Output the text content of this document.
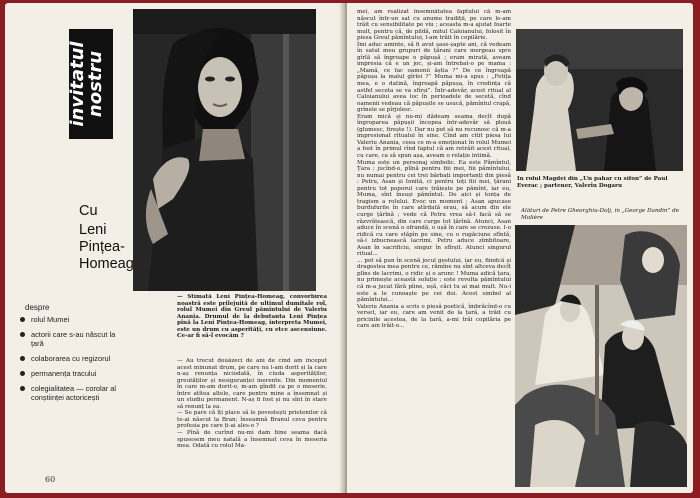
invitatul
nostru
Cu
Leni
Pințea-
Homeag
despre
rolul Mumei
actorii care s-au născut la țară
colaborarea cu regizorul
permanența tracului
colegialitatea — corolar al conștiinței actoricești
— Stimată Leni Pințea-Homeag, convorbirea noastră este prilejuită de ultimul dumitale rol, rolul Mumei din Greul pămîntului de Valeriu Anania. Drumul de la debutanta Leni Pințea pînă la Leni Pințea-Homeag, interpreta Mumei, este un drum cu asperități, cu etce ascensiune. Ce-ar fi să-l evocăm ?
— Au trecut douăzeci de ani de cînd am început acest minunat drum, pe care nu l-am dorit și la care n-aș renunța niciodată, în ciuda asperităților, greutăților și nesiguranței inerente. Din momentul în care m-am dorit-o, m-am gîndit ca pe o meserie, între atîtea altele, care pentru mine a însemnat și un studiu permanent. N-aș fi fost și nu sînt în stare să renunț la ea.
— Se pare că îți place să le povestești prietenilor că te-ai născut la Bran; înseamnă Branul ceva pentru profesia pe care ți-ai ales-o ?
— Pînă de curînd nu-mi dam bine seama dacă spusesem meu natală a însemnat ceva în meseria mea. Odată cu rolul Ma-
60
mei, am realizat însemnătatea faptului că m-am născut într-un sat cu anume tradiții, pe care le-am trăit cu sensibilitate pe viu ; aceasta m-a ajutat foarte mult, pentru că, de pildă, mitul Caloianului, folosit în piesa Greul pămîntului, l-am trăit în copilărie.
Îmi aduc aminte, să fi avut șase-șapte ani, că vedeam în satul meu grupuri de țărani care mergeau spre gîrlă să îngroape o păpușă ; eram mirată, aveam impresia că e un joc, și-am întrebat-o pe mama : „Mamă, ce fac oamenii ăștia ?” De ce îngroapă păpușa la malul gîrlei ?” Muma mi-a spus : „Fetița mea, e o datină, îngroapă păpușa, în credința că astfel seceta se va sfîrși”. Într-adevăr, acest ritual al Caloianului avea loc în perioadele de secetă, cînd oamenii vedeau că păpușile se usucă, pămîntul crapă, grînele se pîrjolesc.
Eram mică și nu-mi dădeam seama decît după îngroparea păpușii începea într-adevăr să plouă (glumesc, firește !). Dar nu pot să nu recunosc că m-a impresionat ritualul în sine. Cînd am citit piesa lui Valeriu Anania, ceea ce m-a emoționat în rolul Mumei a fost în primul rînd faptul că am retrăit acest ritual, cu care, ca să spun așa, aveam o relație intimă.
Muma este un personaj simbolic. Ea este Pămîntul, Țara ; jucînd-o, pîlnă pentru fiii mei, fiii pămîntului, nu numai pentru cei trei bărbați importanți din piesă : Petru, Asan și Ionită, ci pentru toți fiii mei, țărani pentru tot poporul care trăiește pe pămînt, iar eu, Muma, sînt însuși pămîntul. De aici și tonța de tragism a rolului. Evoc un moment : Asan apucase burdufurile în care atîrdată erau, să acum din ele curge țărînă ; vede că Petru vrea să-l facă să se răzvrătească, din care curge tot țărînă. Atunci, Asan aduce în scenă o ofrandă, o ușă în care se crezuse. I-o ridică cu care stăpîn pe sine, cu o rugăciune sfîntă, să-i izbucnească lacrimi. Petru aduce zîmbitoare, Asan în sacrificiu, singur în sfîrșit. Atunci singurul ritual...
... pot să pun în scenă jocul gestului, iar eu, fiindcă și dragostea mea pentru ce, rămîne nu sînt altceva decît plîns de lacrimi, o ridic și o arunc ! Muma adică țara, nu primește această soluție ; este revolta pămîntului că m-a jucat fără pîine, ușă, căci tu ai mai mult. Nu-i este a le cunoaște pe cei doi. Acest simbol al pămîntului...
Valeriu Anania a scris o piesă poetică, îmbrăcînd-o cu verset, iar eu, care am venit de la țară, a trăit cu pricinile acestea, de la țară, a-mi trăi copilăria pe care am trăit-o...
În rolul Magdei din „Un pahar cu sifon” de Paul Everac ; partener, Valeriu Dogaru
Alături de Petre Gheorghiu-Dolj, în „George Dandin” de Molière
